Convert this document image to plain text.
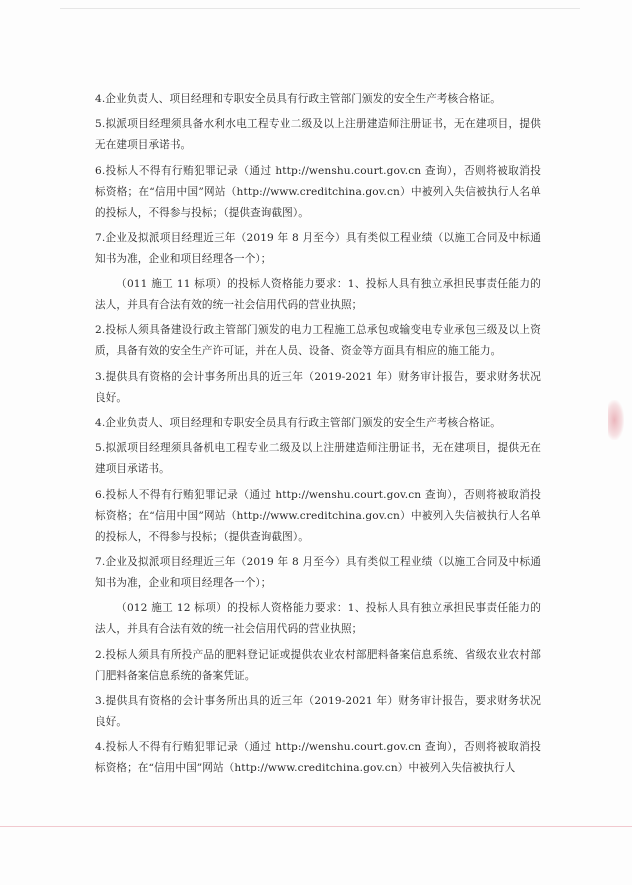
4.企业负责人、项目经理和专职安全员具有行政主管部门颁发的安全生产考核合格证。

5.拟派项目经理须具备水利水电工程专业二级及以上注册建造师注册证书，无在建项目，提供无在建项目承诺书。

6.投标人不得有行贿犯罪记录（通过 http://wenshu.court.gov.cn 查询），否则将被取消投标资格；在“信用中国”网站（http://www.creditchina.gov.cn）中被列入失信被执行人名单的投标人，不得参与投标；（提供查询截图）。

7.企业及拟派项目经理近三年（2019 年 8 月至今）具有类似工程业绩（以施工合同及中标通知书为准，企业和项目经理各一个）；

（011 施工 11 标项）的投标人资格能力要求：1、投标人具有独立承担民事责任能力的法人，并具有合法有效的统一社会信用代码的营业执照；

2.投标人须具备建设行政主管部门颁发的电力工程施工总承包或输变电专业承包三级及以上资质，具备有效的安全生产许可证，并在人员、设备、资金等方面具有相应的施工能力。

3.提供具有资格的会计事务所出具的近三年（2019-2021 年）财务审计报告，要求财务状况良好。

4.企业负责人、项目经理和专职安全员具有行政主管部门颁发的安全生产考核合格证。

5.拟派项目经理须具备机电工程专业二级及以上注册建造师注册证书，无在建项目，提供无在建项目承诺书。

6.投标人不得有行贿犯罪记录（通过 http://wenshu.court.gov.cn 查询），否则将被取消投标资格；在“信用中国”网站（http://www.creditchina.gov.cn）中被列入失信被执行人名单的投标人，不得参与投标；（提供查询截图）。

7.企业及拟派项目经理近三年（2019 年 8 月至今）具有类似工程业绩（以施工合同及中标通知书为准，企业和项目经理各一个）；

（012 施工 12 标项）的投标人资格能力要求：1、投标人具有独立承担民事责任能力的法人，并具有合法有效的统一社会信用代码的营业执照；

2.投标人须具有所投产品的肥料登记证或提供农业农村部肥料备案信息系统、省级农业农村部门肥料备案信息系统的备案凭证。

3.提供具有资格的会计事务所出具的近三年（2019-2021 年）财务审计报告，要求财务状况良好。

4.投标人不得有行贿犯罪记录（通过 http://wenshu.court.gov.cn 查询），否则将被取消投标资格；在“信用中国”网站（http://www.creditchina.gov.cn）中被列入失信被执行人
